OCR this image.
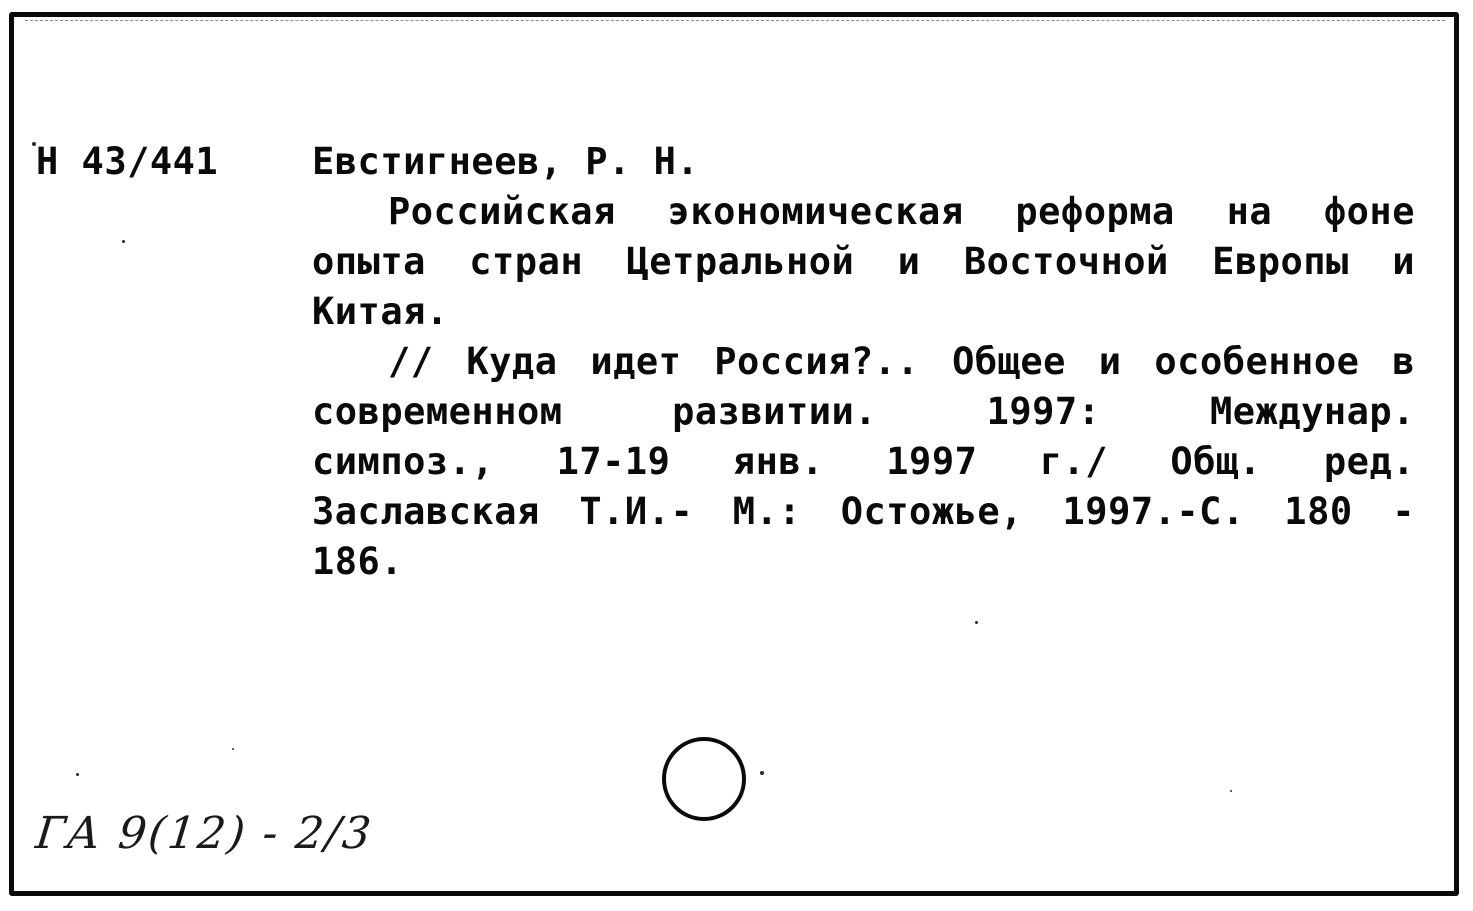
Н 43/441	Евстигнеев, Р. Н.
Российская экономическая реформа на фоне
опыта стран Цетральной и Восточной Европы и
Китая.
// Куда идет Россия?.. Общее и особенное в
современном развитии. 1997: Междунар.
симпоз., 17-19 янв. 1997 г./ Общ. ред.
Заславская Т.И.- М.: Остожье, 1997.-С. 180 -
186.
ГА 9(12) - 2/3
